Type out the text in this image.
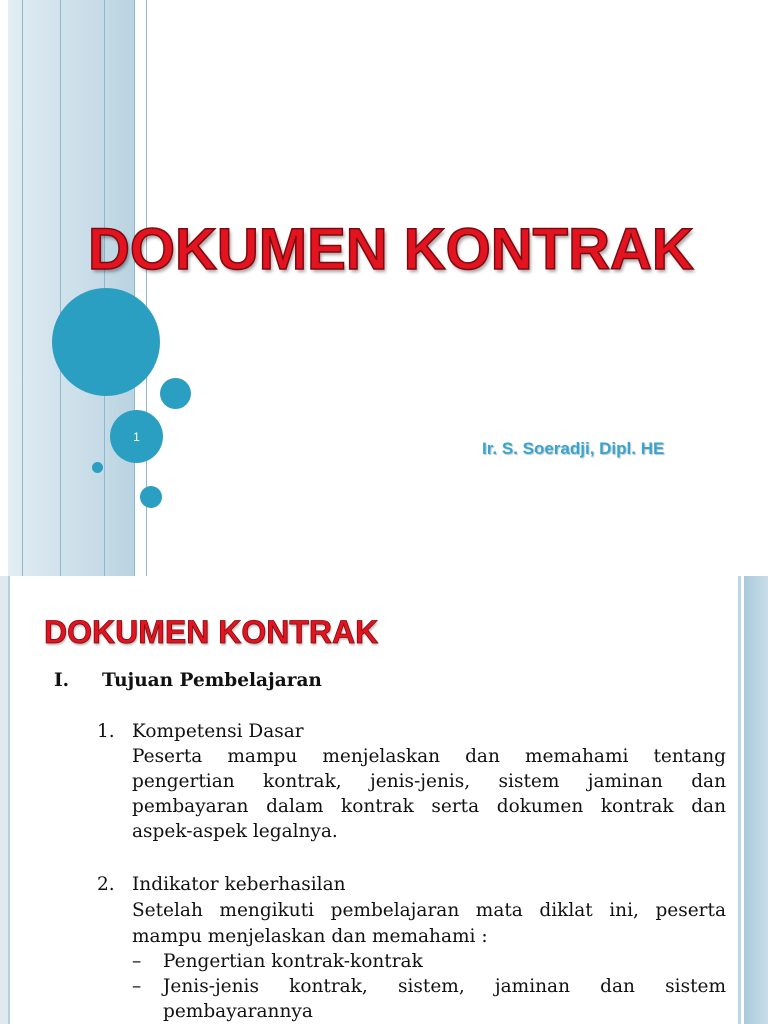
1
DOKUMEN KONTRAK
Ir. S. Soeradji, Dipl. HE
DOKUMEN KONTRAK
I. Tujuan Pembelajaran
1. Kompetensi Dasar
Peserta mampu menjelaskan dan memahami tentang
pengertian kontrak, jenis-jenis, sistem jaminan dan
pembayaran dalam kontrak serta dokumen kontrak dan
aspek-aspek legalnya.
2. Indikator keberhasilan
Setelah mengikuti pembelajaran mata diklat ini, peserta
mampu menjelaskan dan memahami :
– Pengertian kontrak-kontrak
– Jenis-jenis kontrak, sistem, jaminan dan sistem
pembayarannya
